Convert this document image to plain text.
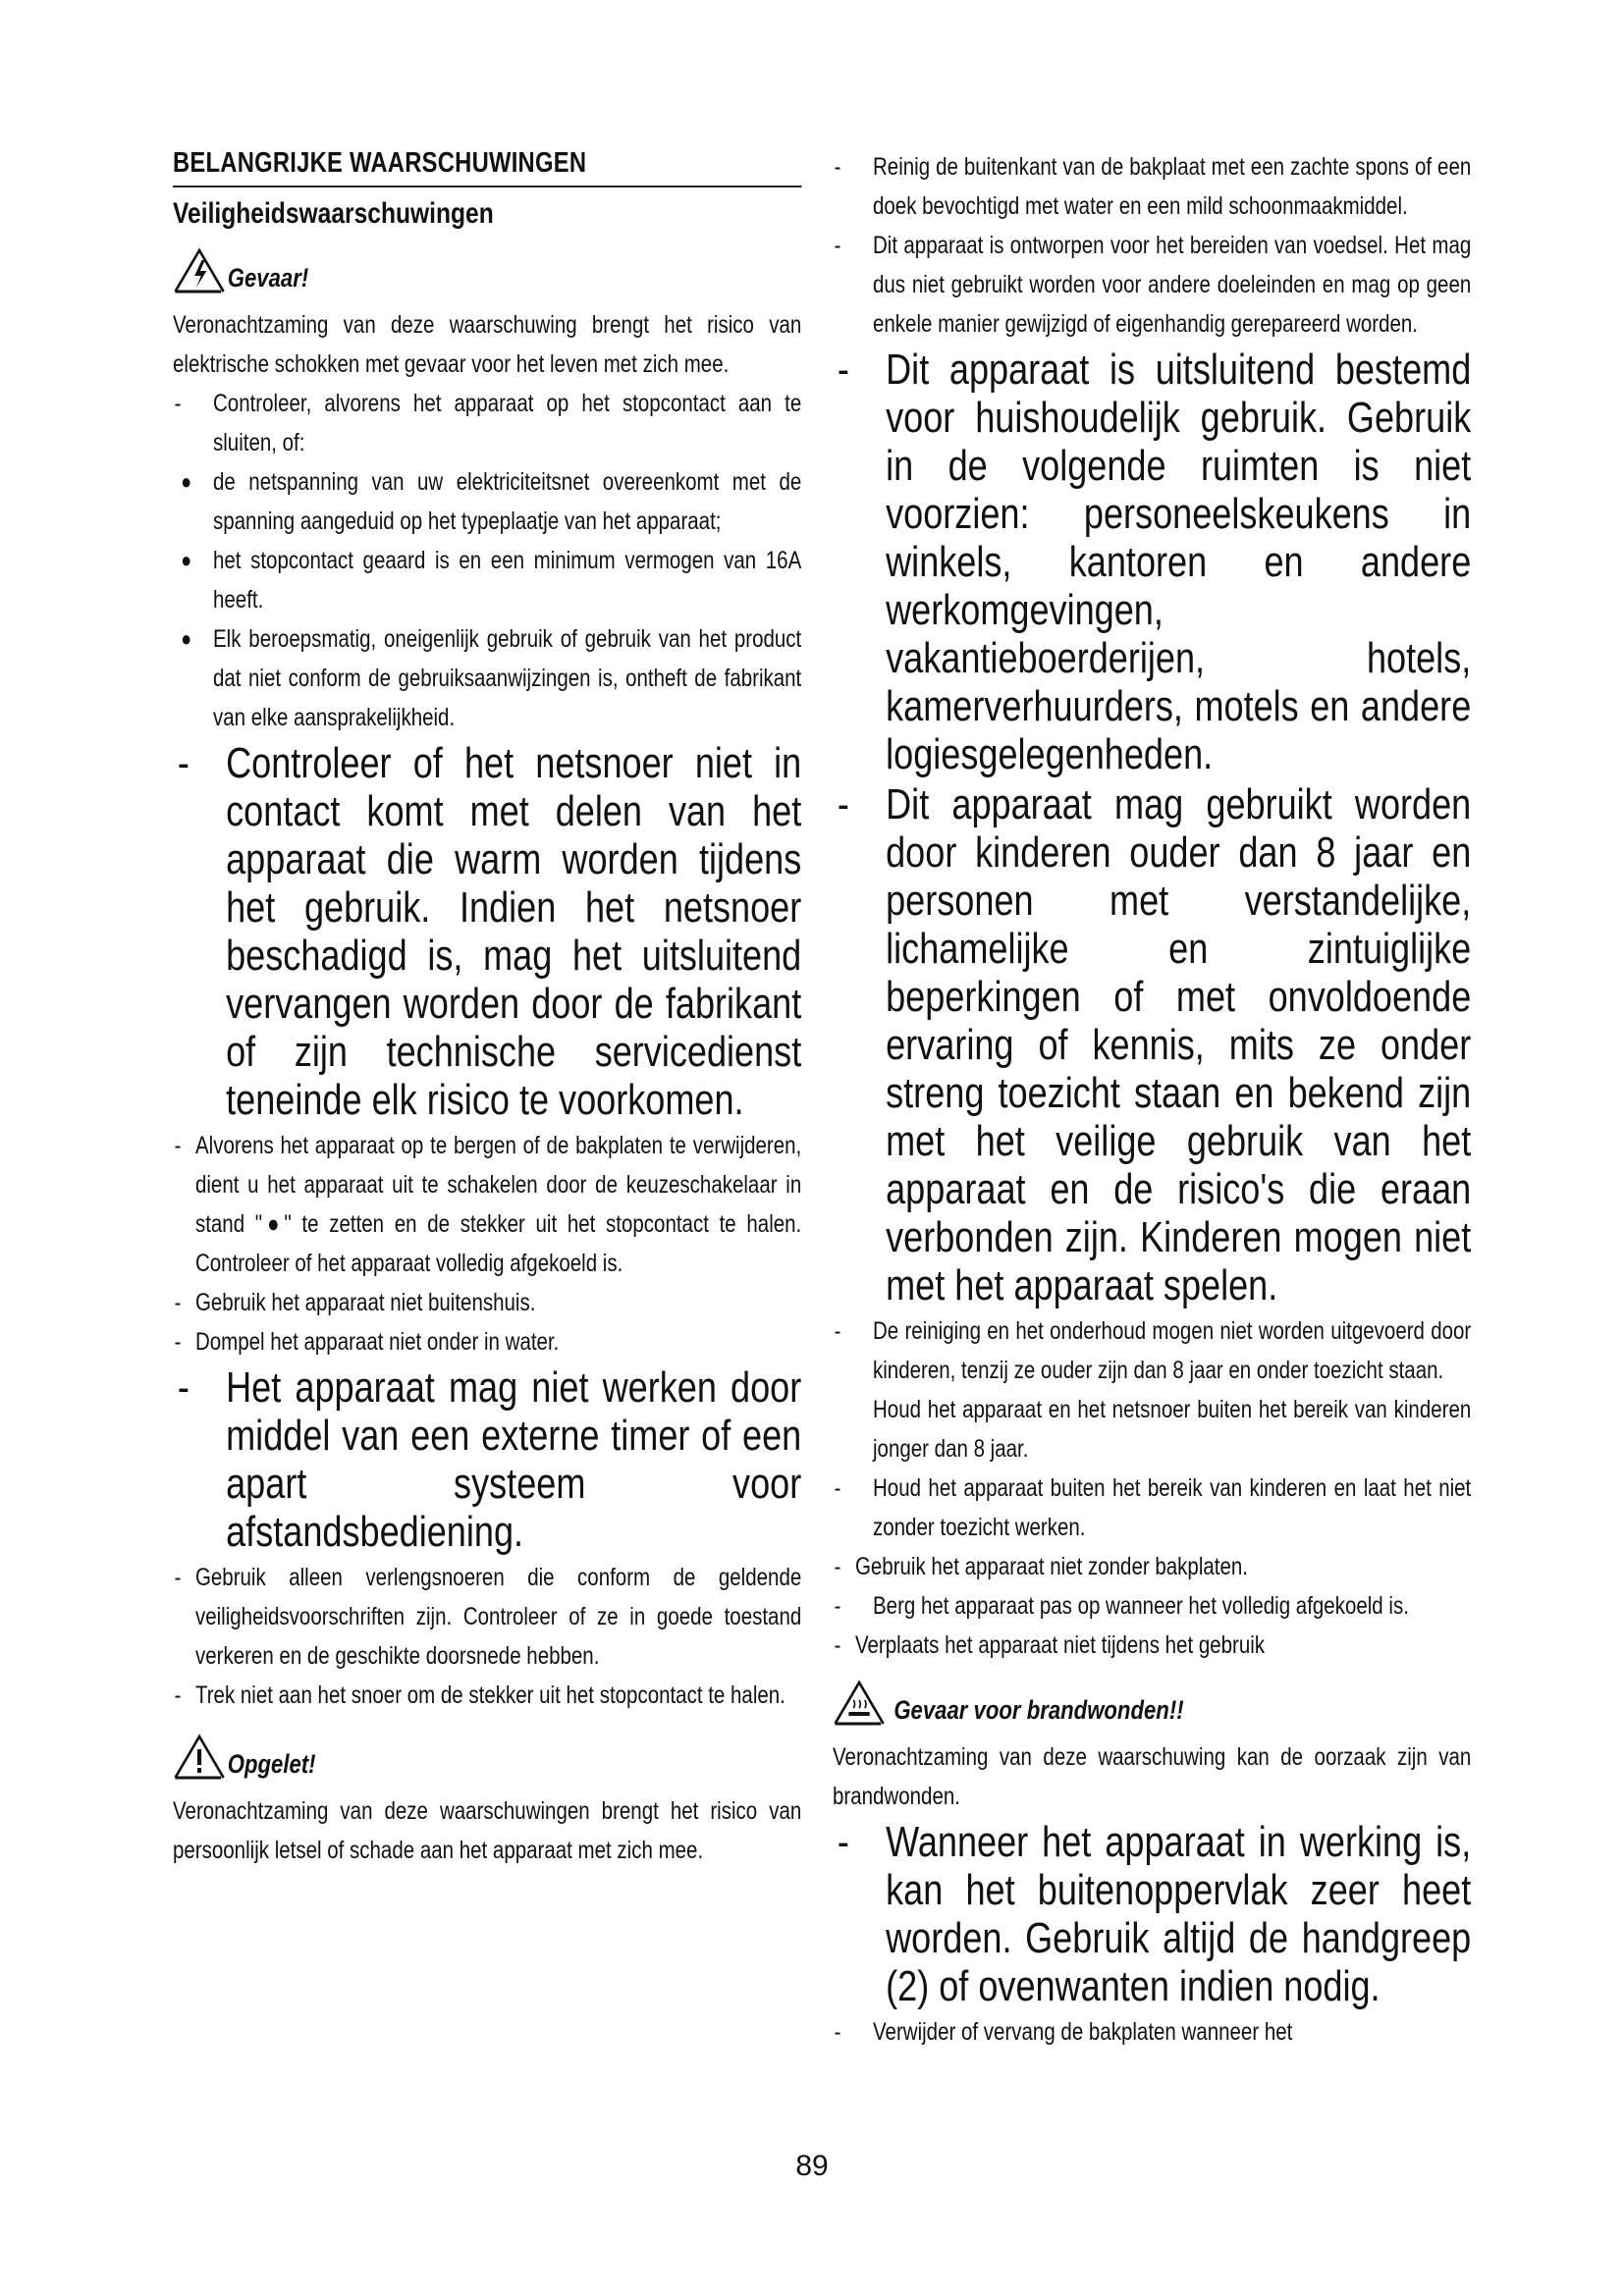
BELANGRIJKE WAARSCHUWINGEN
Veiligheidswaarschuwingen
Gevaar!

Veronachtzaming van deze waarschuwing brengt het risico van elektrische schokken met gevaar voor het leven met zich mee.

- Controleer, alvorens het apparaat op het stopcontact aan te sluiten, of:
● de netspanning van uw elektriciteitsnet overeenkomt met de spanning aangeduid op het typeplaatje van het apparaat;
● het stopcontact geaard is en een minimum vermogen van 16A heeft.
● Elk beroepsmatig, oneigenlijk gebruik of gebruik van het product dat niet conform de gebruiksaanwijzingen is, ontheft de fabrikant van elke aansprakelijkheid.
- Controleer of het netsnoer niet in contact komt met delen van het apparaat die warm worden tijdens het gebruik. Indien het netsnoer beschadigd is, mag het uitsluitend vervangen worden door de fabrikant of zijn technische servicedienst teneinde elk risico te voorkomen.
- Alvorens het apparaat op te bergen of de bakplaten te verwijderen, dient u het apparaat uit te schakelen door de keuzeschakelaar in stand "●" te zetten en de stekker uit het stopcontact te halen. Controleer of het apparaat volledig afgekoeld is.
- Gebruik het apparaat niet buitenshuis.
- Dompel het apparaat niet onder in water.
- Het apparaat mag niet werken door middel van een externe timer of een apart systeem voor afstandsbediening.
- Gebruik alleen verlengsnoeren die conform de geldende veiligheidsvoorschriften zijn. Controleer of ze in goede toestand verkeren en de geschikte doorsnede hebben.
- Trek niet aan het snoer om de stekker uit het stopcontact te halen.
Opgelet!

Veronachtzaming van deze waarschuwingen brengt het risico van persoonlijk letsel of schade aan het apparaat met zich mee.

- Reinig de buitenkant van de bakplaat met een zachte spons of een doek bevochtigd met water en een mild schoonmaakmiddel.
- Dit apparaat is ontworpen voor het bereiden van voedsel. Het mag dus niet gebruikt worden voor andere doeleinden en mag op geen enkele manier gewijzigd of eigenhandig gerepareerd worden.
- Dit apparaat is uitsluitend bestemd voor huishoudelijk gebruik. Gebruik in de volgende ruimten is niet voorzien: personeelskeukens in winkels, kantoren en andere werkomgevingen, vakantieboerderijen, hotels, kamerverhuurders, motels en andere logiesgelegenheden.
- Dit apparaat mag gebruikt worden door kinderen ouder dan 8 jaar en personen met verstandelijke, lichamelijke en zintuiglijke beperkingen of met onvoldoende ervaring of kennis, mits ze onder streng toezicht staan en bekend zijn met het veilige gebruik van het apparaat en de risico's die eraan verbonden zijn. Kinderen mogen niet met het apparaat spelen.
- De reiniging en het onderhoud mogen niet worden uitgevoerd door kinderen, tenzij ze ouder zijn dan 8 jaar en onder toezicht staan.
Houd het apparaat en het netsnoer buiten het bereik van kinderen jonger dan 8 jaar.
- Houd het apparaat buiten het bereik van kinderen en laat het niet zonder toezicht werken.
- Gebruik het apparaat niet zonder bakplaten.
- Berg het apparaat pas op wanneer het volledig afgekoeld is.
- Verplaats het apparaat niet tijdens het gebruik
Gevaar voor brandwonden!!

Veronachtzaming van deze waarschuwing kan de oorzaak zijn van brandwonden.

- Wanneer het apparaat in werking is, kan het buitenoppervlak zeer heet worden. Gebruik altijd de handgreep (2) of ovenwanten indien nodig.
- Verwijder of vervang de bakplaten wanneer het
89
